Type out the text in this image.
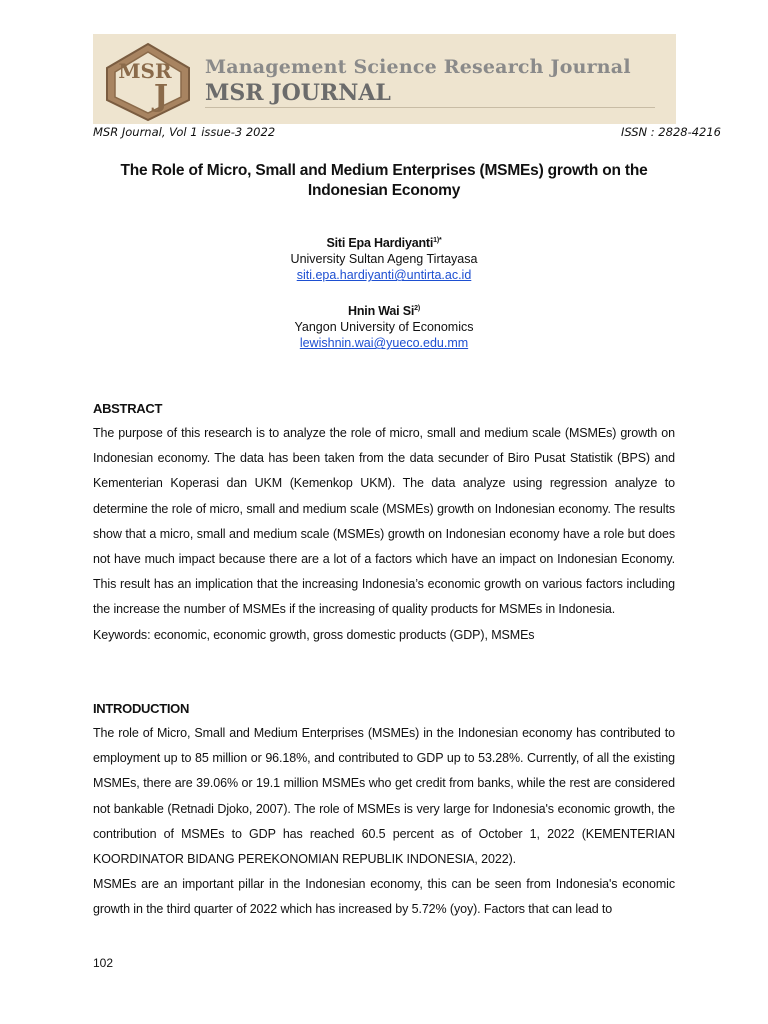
MSR
J
Management Science Research Journal
MSR JOURNAL
MSR Journal, Vol 1 issue-3 2022	ISSN : 2828-4216
The Role of Micro, Small and Medium Enterprises (MSMEs) growth on the Indonesian Economy
Siti Epa Hardiyanti$^{1)*}$
University Sultan Ageng Tirtayasa
siti.epa.hardiyanti@untirta.ac.id
Hnin Wai Si$^{2)}$
Yangon University of Economics
lewishnin.wai@yueco.edu.mm
ABSTRACT

The purpose of this research is to analyze the role of micro, small and medium scale (MSMEs) growth on Indonesian economy. The data has been taken from the data secunder of Biro Pusat Statistik (BPS) and Kementerian Koperasi dan UKM (Kemenkop UKM). The data analyze using regression analyze to determine the role of micro, small and medium scale (MSMEs) growth on Indonesian economy. The results show that a micro, small and medium scale (MSMEs) growth on Indonesian economy have a role but does not have much impact because there are a lot of a factors which have an impact on Indonesian Economy. This result has an implication that the increasing Indonesia’s economic growth on various factors including the increase the number of MSMEs if the increasing of quality products for MSMEs in Indonesia.

Keywords: economic, economic growth, gross domestic products (GDP), MSMEs

INTRODUCTION

The role of Micro, Small and Medium Enterprises (MSMEs) in the Indonesian economy has contributed to employment up to 85 million or 96.18%, and contributed to GDP up to 53.28%. Currently, of all the existing MSMEs, there are 39.06% or 19.1 million MSMEs who get credit from banks, while the rest are considered not bankable (Retnadi Djoko, 2007). The role of MSMEs is very large for Indonesia's economic growth, the contribution of MSMEs to GDP has reached 60.5 percent as of October 1, 2022 (KEMENTERIAN KOORDINATOR BIDANG PEREKONOMIAN REPUBLIK INDONESIA, 2022).

MSMEs are an important pillar in the Indonesian economy, this can be seen from Indonesia's economic growth in the third quarter of 2022 which has increased by 5.72% (yoy). Factors that can lead to

102
